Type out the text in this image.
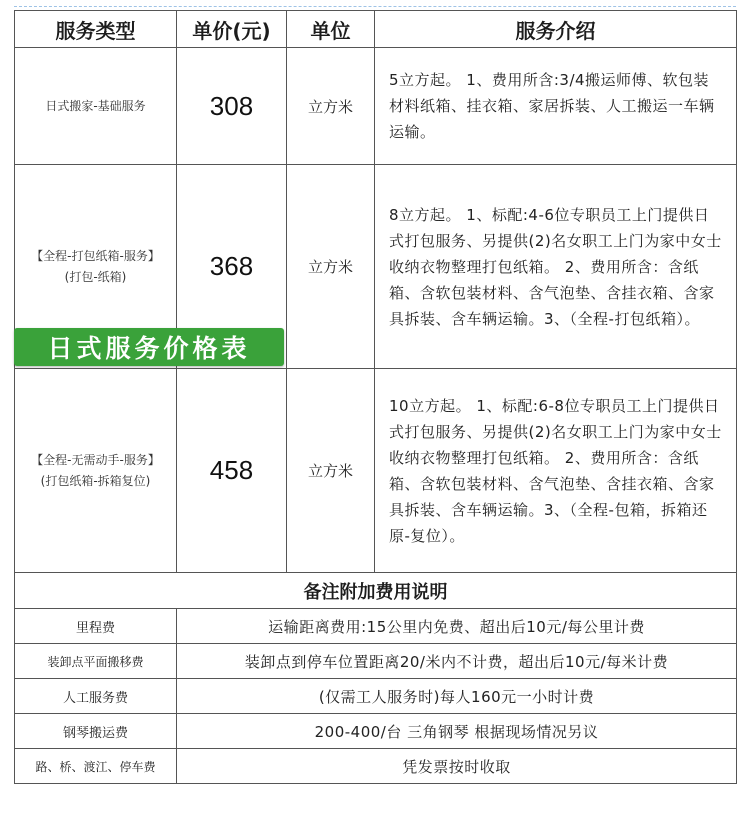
服务类型	单价(元)	单位	服务介绍

日式搬家-基础服务	308	立方米	5立方起。 1、费用所含:3/4搬运师傅、软包装材料纸箱、挂衣箱、家居拆装、人工搬运一车辆运输。

【全程-打包纸箱-服务】
(打包-纸箱)	368	立方米	8立方起。 1、标配:4-6位专职员工上门提供日式打包服务、另提供(2)名女职工上门为家中女士收纳衣物整理打包纸箱。 2、费用所含：含纸箱、含软包装材料、含气泡垫、含挂衣箱、含家具拆装、含车辆运输。3、（全程-打包纸箱）。

【全程-无需动手-服务】
(打包纸箱-拆箱复位)	458	立方米	10立方起。 1、标配:6-8位专职员工上门提供日式打包服务、另提供(2)名女职工上门为家中女士收纳衣物整理打包纸箱。 2、费用所含：含纸箱、含软包装材料、含气泡垫、含挂衣箱、含家具拆装、含车辆运输。3、（全程-包箱，拆箱还原-复位）。
备注附加费用说明			
里程费	运输距离费用:15公里内免费、超出后10元/每公里计费		
装卸点平面搬移费	装卸点到停车位置距离20/米内不计费，超出后10元/每米计费		
人工服务费	(仅需工人服务时)每人160元一小时计费		
钢琴搬运费	200-400/台 三角钢琴 根据现场情况另议		
路、桥、渡江、停车费	凭发票按时收取		
日式服务价格表
